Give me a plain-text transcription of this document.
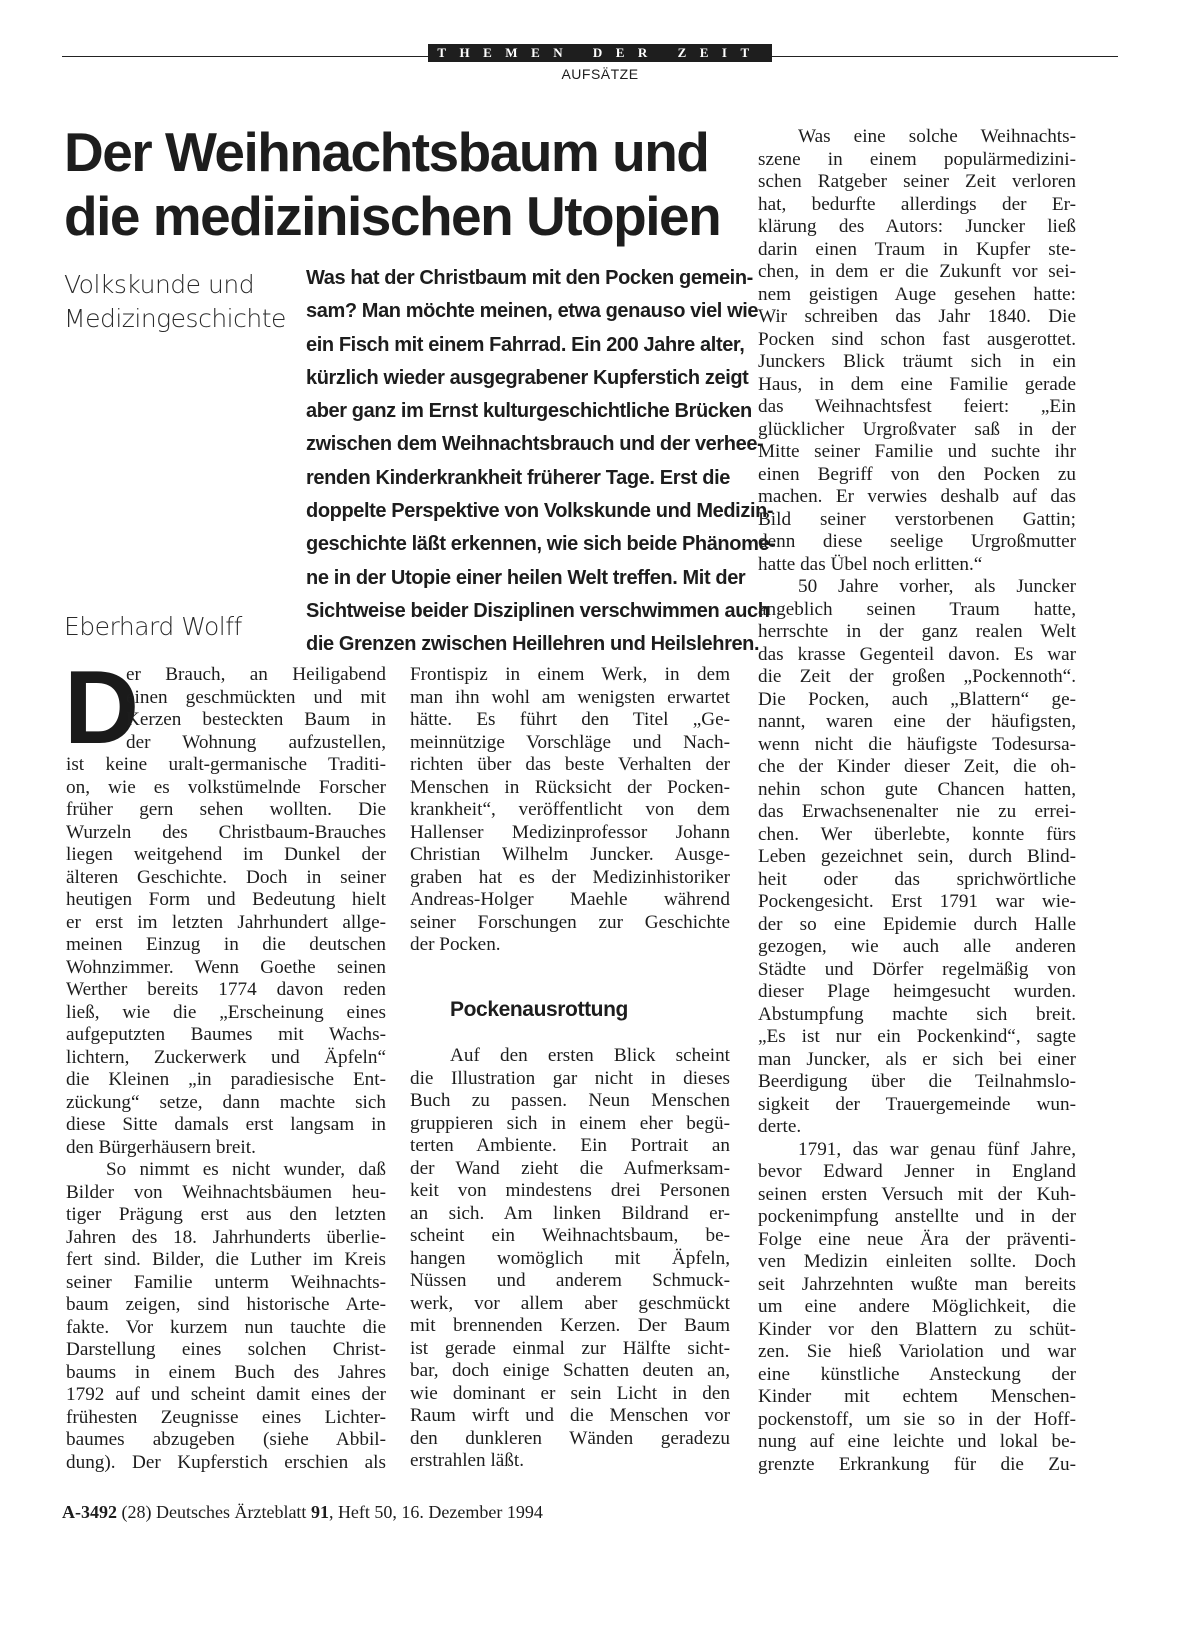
THEMEN DER ZEIT
AUFSÄTZE
Der Weihnachtsbaum und
die medizinischen Utopien
Volkskunde und
Medizingeschichte
Eberhard Wolff
Was hat der Christbaum mit den Pocken gemein-
sam? Man möchte meinen, etwa genauso viel wie
ein Fisch mit einem Fahrrad. Ein 200 Jahre alter,
kürzlich wieder ausgegrabener Kupferstich zeigt
aber ganz im Ernst kulturgeschichtliche Brücken
zwischen dem Weihnachtsbrauch und der verhee-
renden Kinderkrankheit früherer Tage. Erst die
doppelte Perspektive von Volkskunde und Medizin-
geschichte läßt erkennen, wie sich beide Phänome-
ne in der Utopie einer heilen Welt treffen. Mit der
Sichtweise beider Disziplinen verschwimmen auch
die Grenzen zwischen Heillehren und Heilslehren.
D
er Brauch, an Heiligabend
einen geschmückten und mit
Kerzen besteckten Baum in
der Wohnung aufzustellen,
ist keine uralt-germanische Traditi-
on, wie es volkstümelnde Forscher
früher gern sehen wollten. Die
Wurzeln des Christbaum-Brauches
liegen weitgehend im Dunkel der
älteren Geschichte. Doch in seiner
heutigen Form und Bedeutung hielt
er erst im letzten Jahrhundert allge-
meinen Einzug in die deutschen
Wohnzimmer. Wenn Goethe seinen
Werther bereits 1774 davon reden
ließ, wie die „Erscheinung eines
aufgeputzten Baumes mit Wachs-
lichtern, Zuckerwerk und Äpfeln“
die Kleinen „in paradiesische Ent-
zückung“ setze, dann machte sich
diese Sitte damals erst langsam in
den Bürgerhäusern breit.
So nimmt es nicht wunder, daß
Bilder von Weihnachtsbäumen heu-
tiger Prägung erst aus den letzten
Jahren des 18. Jahrhunderts überlie-
fert sind. Bilder, die Luther im Kreis
seiner Familie unterm Weihnachts-
baum zeigen, sind historische Arte-
fakte. Vor kurzem nun tauchte die
Darstellung eines solchen Christ-
baums in einem Buch des Jahres
1792 auf und scheint damit eines der
frühesten Zeugnisse eines Lichter-
baumes abzugeben (siehe Abbil-
dung). Der Kupferstich erschien als
Frontispiz in einem Werk, in dem
man ihn wohl am wenigsten erwartet
hätte. Es führt den Titel „Ge-
meinnützige Vorschläge und Nach-
richten über das beste Verhalten der
Menschen in Rücksicht der Pocken-
krankheit“, veröffentlicht von dem
Hallenser Medizinprofessor Johann
Christian Wilhelm Juncker. Ausge-
graben hat es der Medizinhistoriker
Andreas-Holger Maehle während
seiner Forschungen zur Geschichte
der Pocken.
Pockenausrottung
Auf den ersten Blick scheint
die Illustration gar nicht in dieses
Buch zu passen. Neun Menschen
gruppieren sich in einem eher begü-
terten Ambiente. Ein Portrait an
der Wand zieht die Aufmerksam-
keit von mindestens drei Personen
an sich. Am linken Bildrand er-
scheint ein Weihnachtsbaum, be-
hangen womöglich mit Äpfeln,
Nüssen und anderem Schmuck-
werk, vor allem aber geschmückt
mit brennenden Kerzen. Der Baum
ist gerade einmal zur Hälfte sicht-
bar, doch einige Schatten deuten an,
wie dominant er sein Licht in den
Raum wirft und die Menschen vor
den dunkleren Wänden geradezu
erstrahlen läßt.
Was eine solche Weihnachts-
szene in einem populärmedizini-
schen Ratgeber seiner Zeit verloren
hat, bedurfte allerdings der Er-
klärung des Autors: Juncker ließ
darin einen Traum in Kupfer ste-
chen, in dem er die Zukunft vor sei-
nem geistigen Auge gesehen hatte:
Wir schreiben das Jahr 1840. Die
Pocken sind schon fast ausgerottet.
Junckers Blick träumt sich in ein
Haus, in dem eine Familie gerade
das Weihnachtsfest feiert: „Ein
glücklicher Urgroßvater saß in der
Mitte seiner Familie und suchte ihr
einen Begriff von den Pocken zu
machen. Er verwies deshalb auf das
Bild seiner verstorbenen Gattin;
denn diese seelige Urgroßmutter
hatte das Übel noch erlitten.“
50 Jahre vorher, als Juncker
angeblich seinen Traum hatte,
herrschte in der ganz realen Welt
das krasse Gegenteil davon. Es war
die Zeit der großen „Pockennoth“.
Die Pocken, auch „Blattern“ ge-
nannt, waren eine der häufigsten,
wenn nicht die häufigste Todesursa-
che der Kinder dieser Zeit, die oh-
nehin schon gute Chancen hatten,
das Erwachsenenalter nie zu errei-
chen. Wer überlebte, konnte fürs
Leben gezeichnet sein, durch Blind-
heit oder das sprichwörtliche
Pockengesicht. Erst 1791 war wie-
der so eine Epidemie durch Halle
gezogen, wie auch alle anderen
Städte und Dörfer regelmäßig von
dieser Plage heimgesucht wurden.
Abstumpfung machte sich breit.
„Es ist nur ein Pockenkind“, sagte
man Juncker, als er sich bei einer
Beerdigung über die Teilnahmslo-
sigkeit der Trauergemeinde wun-
derte.
1791, das war genau fünf Jahre,
bevor Edward Jenner in England
seinen ersten Versuch mit der Kuh-
pockenimpfung anstellte und in der
Folge eine neue Ära der präventi-
ven Medizin einleiten sollte. Doch
seit Jahrzehnten wußte man bereits
um eine andere Möglichkeit, die
Kinder vor den Blattern zu schüt-
zen. Sie hieß Variolation und war
eine künstliche Ansteckung der
Kinder mit echtem Menschen-
pockenstoff, um sie so in der Hoff-
nung auf eine leichte und lokal be-
grenzte Erkrankung für die Zu-
A-3492 (28) Deutsches Ärzteblatt 91, Heft 50, 16. Dezember 1994
